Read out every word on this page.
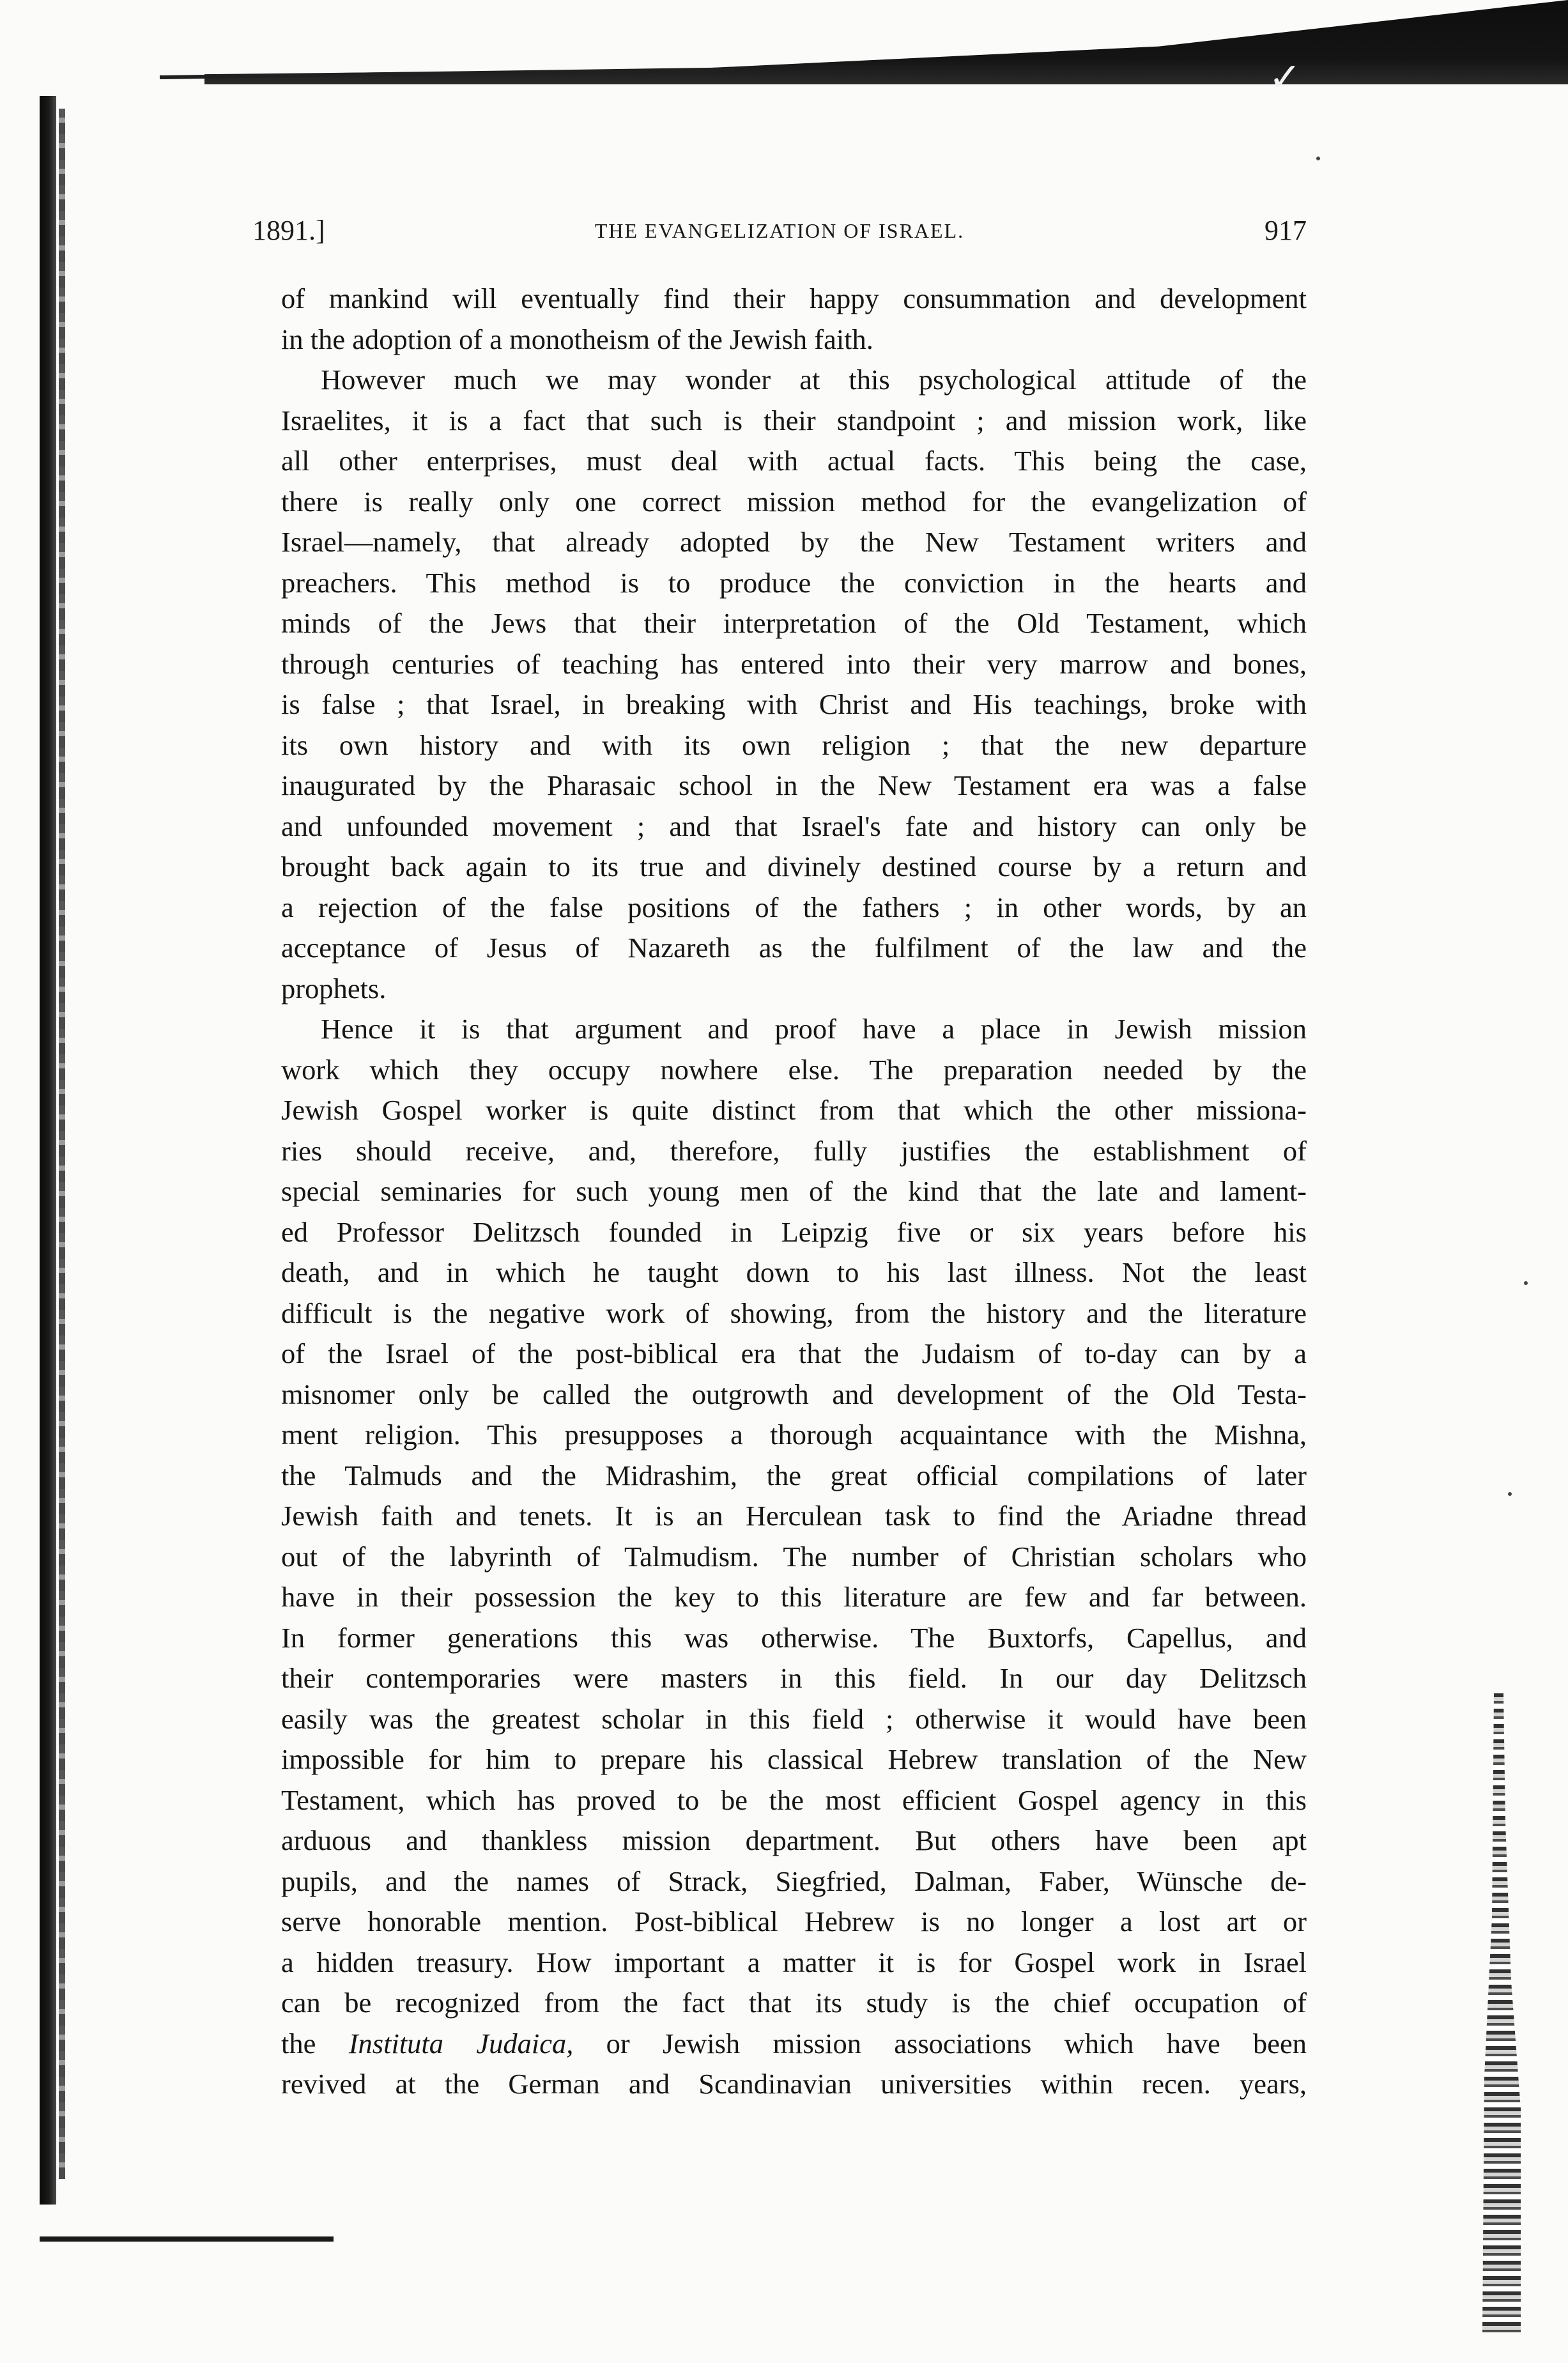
✓
1891.]	THE EVANGELIZATION OF ISRAEL.	917
of mankind will eventually find their happy consummation and development
in the adoption of a monotheism of the Jewish faith.
However much we may wonder at this psychological attitude of the
Israelites, it is a fact that such is their standpoint ; and mission work, like
all other enterprises, must deal with actual facts. This being the case,
there is really only one correct mission method for the evangelization of
Israel—namely, that already adopted by the New Testament writers and
preachers. This method is to produce the conviction in the hearts and
minds of the Jews that their interpretation of the Old Testament, which
through centuries of teaching has entered into their very marrow and bones,
is false ; that Israel, in breaking with Christ and His teachings, broke with
its own history and with its own religion ; that the new departure
inaugurated by the Pharasaic school in the New Testament era was a false
and unfounded movement ; and that Israel's fate and history can only be
brought back again to its true and divinely destined course by a return and
a rejection of the false positions of the fathers ; in other words, by an
acceptance of Jesus of Nazareth as the fulfilment of the law and the
prophets.
Hence it is that argument and proof have a place in Jewish mission
work which they occupy nowhere else. The preparation needed by the
Jewish Gospel worker is quite distinct from that which the other missiona-
ries should receive, and, therefore, fully justifies the establishment of
special seminaries for such young men of the kind that the late and lament-
ed Professor Delitzsch founded in Leipzig five or six years before his
death, and in which he taught down to his last illness. Not the least
difficult is the negative work of showing, from the history and the literature
of the Israel of the post-biblical era that the Judaism of to-day can by a
misnomer only be called the outgrowth and development of the Old Testa-
ment religion. This presupposes a thorough acquaintance with the Mishna,
the Talmuds and the Midrashim, the great official compilations of later
Jewish faith and tenets. It is an Herculean task to find the Ariadne thread
out of the labyrinth of Talmudism. The number of Christian scholars who
have in their possession the key to this literature are few and far between.
In former generations this was otherwise. The Buxtorfs, Capellus, and
their contemporaries were masters in this field. In our day Delitzsch
easily was the greatest scholar in this field ; otherwise it would have been
impossible for him to prepare his classical Hebrew translation of the New
Testament, which has proved to be the most efficient Gospel agency in this
arduous and thankless mission department. But others have been apt
pupils, and the names of Strack, Siegfried, Dalman, Faber, Wünsche de-
serve honorable mention. Post-biblical Hebrew is no longer a lost art or
a hidden treasury. How important a matter it is for Gospel work in Israel
can be recognized from the fact that its study is the chief occupation of
the Instituta Judaica, or Jewish mission associations which have been
revived at the German and Scandinavian universities within recen. years,
